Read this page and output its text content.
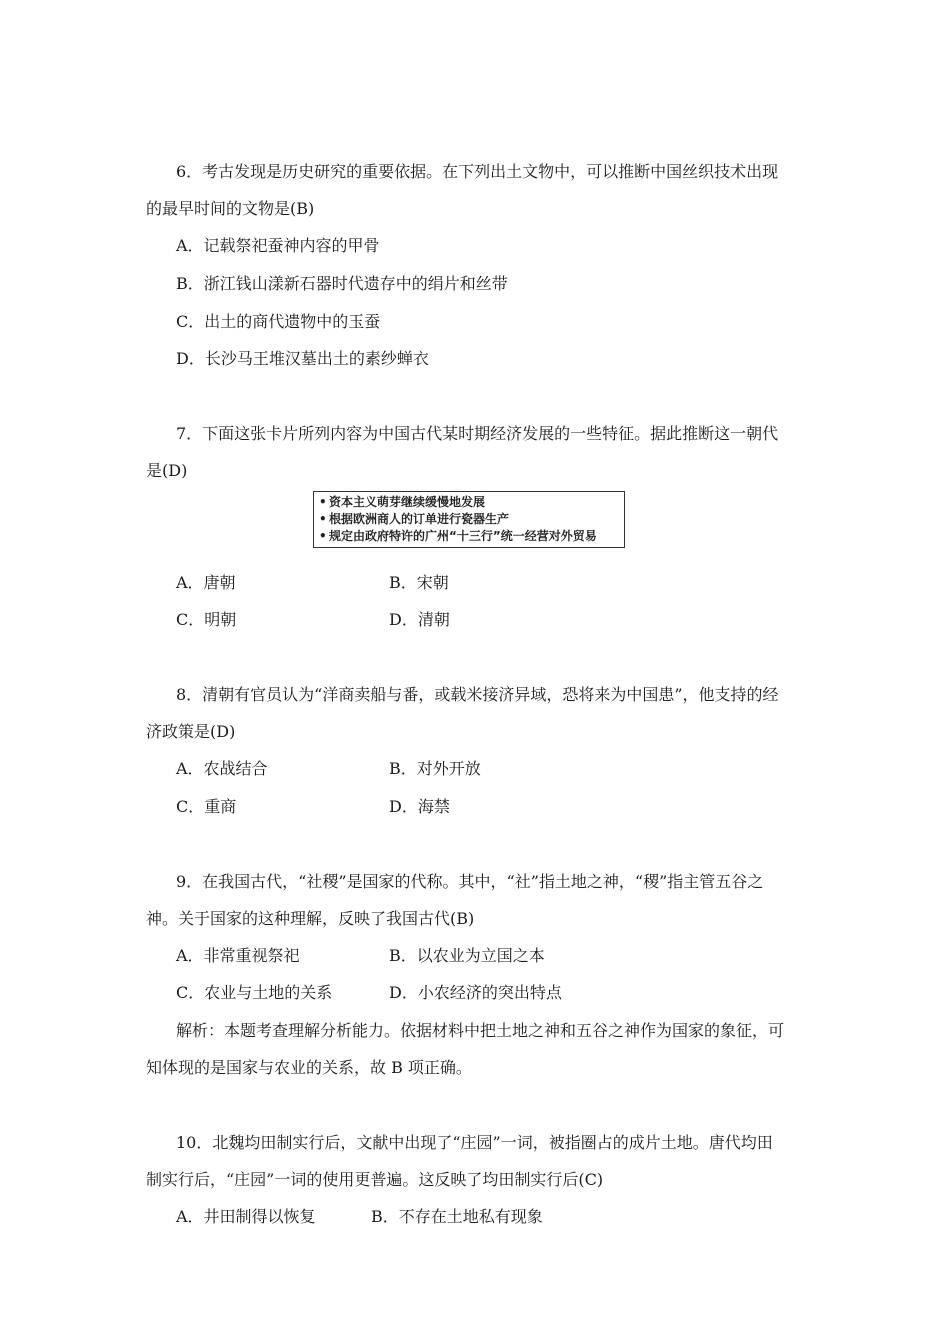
6．考古发现是历史研究的重要依据。在下列出土文物中，可以推断中国丝织技术出现
的最早时间的文物是(B)
A．记载祭祀蚕神内容的甲骨
B．浙江钱山漾新石器时代遗存中的绢片和丝带
C．出土的商代遗物中的玉蚕
D．长沙马王堆汉墓出土的素纱蝉衣
7．下面这张卡片所列内容为中国古代某时期经济发展的一些特征。据此推断这一朝代
是(D)
• 资本主义萌芽继续缓慢地发展
• 根据欧洲商人的订单进行瓷器生产
• 规定由政府特许的广州“十三行”统一经营对外贸易
A．唐朝	B．宋朝
C．明朝	D．清朝
8．清朝有官员认为“洋商卖船与番，或载米接济异域，恐将来为中国患”，他支持的经
济政策是(D)
A．农战结合	B．对外开放
C．重商	D．海禁
9．在我国古代，“社稷”是国家的代称。其中，“社”指土地之神，“稷”指主管五谷之
神。关于国家的这种理解，反映了我国古代(B)
A．非常重视祭祀	B．以农业为立国之本
C．农业与土地的关系	D．小农经济的突出特点
解析：本题考查理解分析能力。依据材料中把土地之神和五谷之神作为国家的象征，可
知体现的是国家与农业的关系，故 B 项正确。
10．北魏均田制实行后，文献中出现了“庄园”一词，被指圈占的成片土地。唐代均田
制实行后，“庄园”一词的使用更普遍。这反映了均田制实行后(C)
A．井田制得以恢复	B．不存在土地私有现象
